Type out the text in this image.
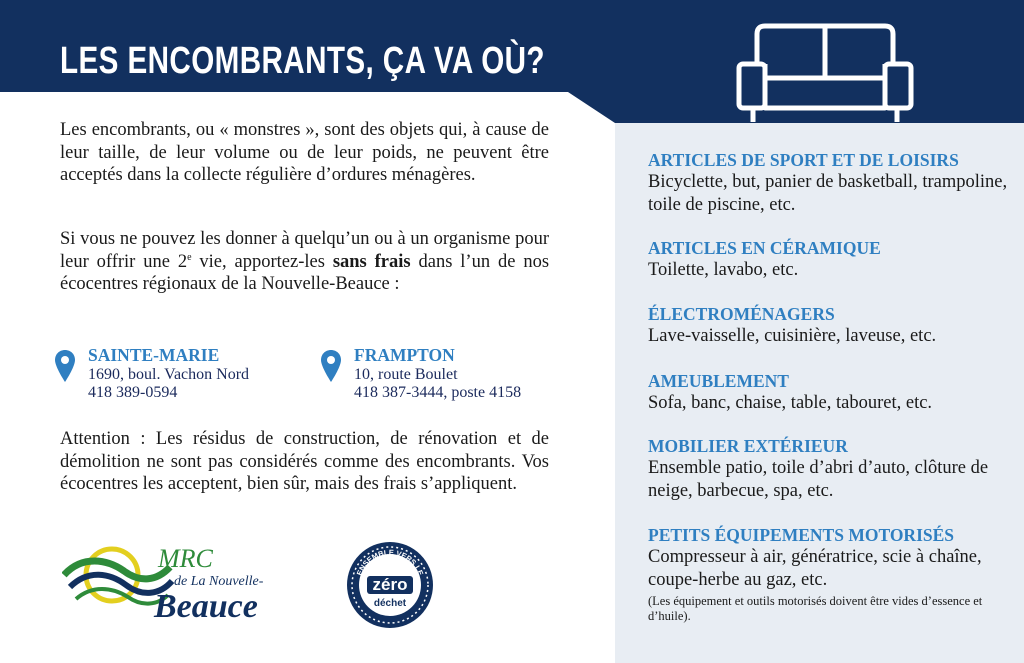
LES ENCOMBRANTS, ÇA VA OÙ?
ARTICLES DE SPORT ET DE LOISIRS
Bicyclette, but, panier de basketball, trampoline, toile de piscine, etc.
ARTICLES EN CÉRAMIQUE
Toilette, lavabo, etc.
ÉLECTROMÉNAGERS
Lave-vaisselle, cuisinière, laveuse, etc.
AMEUBLEMENT
Sofa, banc, chaise, table, tabouret, etc.
MOBILIER EXTÉRIEUR
Ensemble patio, toile d’abri d’auto, clôture de neige, barbecue, spa, etc.
PETITS ÉQUIPEMENTS MOTORISÉS
Compresseur à air, génératrice, scie à chaîne, coupe-herbe au gaz, etc.
(Les équipement et outils motorisés doivent être vides d’essence et d’huile).
Les encombrants, ou « monstres », sont des objets qui, à cause de leur taille, de leur volume ou de leur poids, ne peuvent être acceptés dans la collecte régulière d’ordures ménagères.
Si vous ne pouvez les donner à quelqu’un ou à un organisme pour leur offrir une 2e vie, apportez-les sans frais dans l’un de nos écocentres régionaux de la Nouvelle-Beauce :
SAINTE-MARIE
1690, boul. Vachon Nord
418 389-0594
FRAMPTON
10, route Boulet
418 387-3444, poste 4158
Attention : Les résidus de construction, de rénovation et de démolition ne sont pas considérés comme des encombrants. Vos écocentres les acceptent, bien sûr, mais des frais s’appliquent.
MRC
de La Nouvelle-
Beauce
ENSEMBLE VERS LE
zéro
déchet
